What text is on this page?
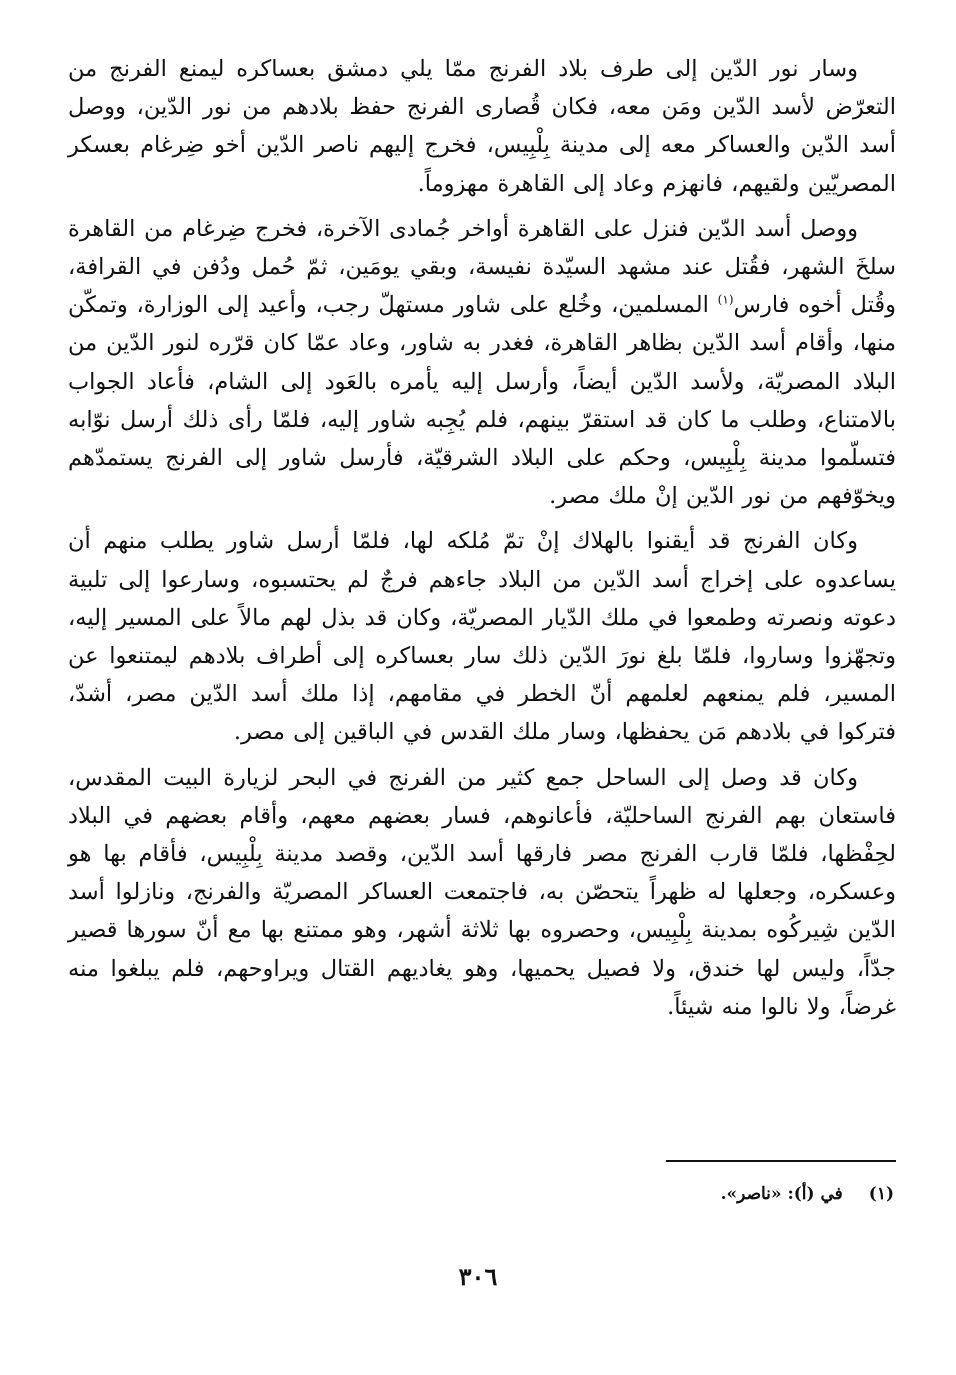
وسار نور الدّين إلى طرف بلاد الفرنج ممّا يلي دمشق بعساكره ليمنع الفرنج من التعرّض لأسد الدّين ومَن معه، فكان قُصارى الفرنج حفظ بلادهم من نور الدّين، ووصل أسد الدّين والعساكر معه إلى مدينة بِلْبِيس، فخرج إليهم ناصر الدّين أخو ضِرغام بعسكر المصريّين ولقيهم، فانهزم وعاد إلى القاهرة مهزوماً.

ووصل أسد الدّين فنزل على القاهرة أواخر جُمادى الآخرة، فخرج ضِرغام من القاهرة سلخَ الشهر، فقُتل عند مشهد السيّدة نفيسة، وبقي يومَين، ثمّ حُمل ودُفن في القرافة، وقُتل أخوه فارس$^{(١)}$ المسلمين، وخُلع على شاور مستهلّ رجب، وأعيد إلى الوزارة، وتمكّن منها، وأقام أسد الدّين بظاهر القاهرة، فغدر به شاور، وعاد عمّا كان قرّره لنور الدّين من البلاد المصريّة، ولأسد الدّين أيضاً، وأرسل إليه يأمره بالعَود إلى الشام، فأعاد الجواب بالامتناع، وطلب ما كان قد استقرّ بينهم، فلم يُجِبه شاور إليه، فلمّا رأى ذلك أرسل نوّابه فتسلّموا مدينة بِلْبِيس، وحكم على البلاد الشرقيّة، فأرسل شاور إلى الفرنج يستمدّهم ويخوّفهم من نور الدّين إنْ ملك مصر.

وكان الفرنج قد أيقنوا بالهلاك إنْ تمّ مُلكه لها، فلمّا أرسل شاور يطلب منهم أن يساعدوه على إخراج أسد الدّين من البلاد جاءهم فرجٌ لم يحتسبوه، وسارعوا إلى تلبية دعوته ونصرته وطمعوا في ملك الدّيار المصريّة، وكان قد بذل لهم مالاً على المسير إليه، وتجهّزوا وساروا، فلمّا بلغ نورَ الدّين ذلك سار بعساكره إلى أطراف بلادهم ليمتنعوا عن المسير، فلم يمنعهم لعلمهم أنّ الخطر في مقامهم، إذا ملك أسد الدّين مصر، أشدّ، فتركوا في بلادهم مَن يحفظها، وسار ملك القدس في الباقين إلى مصر.

وكان قد وصل إلى الساحل جمع كثير من الفرنج في البحر لزيارة البيت المقدس، فاستعان بهم الفرنج الساحليّة، فأعانوهم، فسار بعضهم معهم، وأقام بعضهم في البلاد لحِفْظها، فلمّا قارب الفرنج مصر فارقها أسد الدّين، وقصد مدينة بِلْبِيس، فأقام بها هو وعسكره، وجعلها له ظهراً يتحصّن به، فاجتمعت العساكر المصريّة والفرنج، ونازلوا أسد الدّين شِيركُوه بمدينة بِلْبِيس، وحصروه بها ثلاثة أشهر، وهو ممتنع بها مع أنّ سورها قصير جدّاً، وليس لها خندق، ولا فصيل يحميها، وهو يغاديهم القتال ويراوحهم، فلم يبلغوا منه غرضاً، ولا نالوا منه شيئاً.

(١)في (أ): «ناصر».
٣٠٦
